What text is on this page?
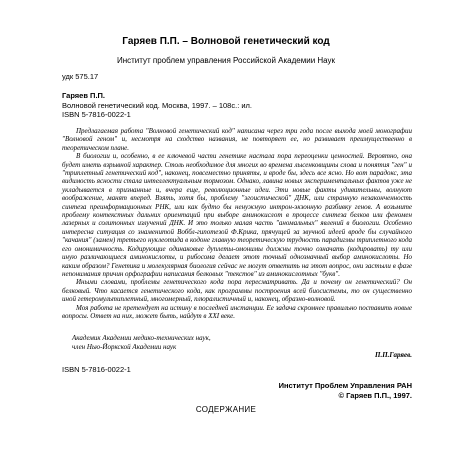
Гаряев П.П. – Волновой генетический код
Институт проблем управления Российской Академии Наук
удк 575.17
Гаряев П.П.
Волновой генетический код. Москва, 1997. – 108с.: ил.
ISBN 5-7816-0022-1

Предлагаемая работа "Волновой генетический код" написана через три года после выхода моей монографии "Волновой геном" и, несмотря на сходство названия, не повторяет ее, но развивает преимущественно в теоретическом плане.

В биологии и, особенно, в ее ключевой части генетике настала пора переоценки ценностей. Вероятно, она будет иметь взрывной характер. Столь необходимое для многих во времена лысенковщины слова и понятия "ген" и "триплетный генетический код", наконец, повсеместно приняты, и вроде бы, здесь все ясно. Но вот парадокс, эта видимость ясности стала интеллектуальным тормозом. Однако, лавина новых экспериментальных фактов уже не укладывается в признанные и, вчера еще, революционные идеи. Эти новые факты удивительны, волнуют воображение, манят вперед. Взять, хотя бы, проблему "эгоистической" ДНК, или странную незаконченность синтеза преинформационных РНК, или как будто бы ненужную интрон-экзонную разбивку генов. А возьмите проблему контекстных дальних ориентаций при выборе аминокислот в процессе синтеза белков или феномен лазерных и солитонных излучений ДНК. И это только малая часть "аномальных" явлений в биологии. Особенно интересна ситуация со знаменитой Воббл-гипотезой Ф.Крика, прячущей за звучной идеей вроде бы случайного "качания" (замен) третьего нуклеотида в кодоне главную теоретическую трудность парадигмы триплетного кода его омонимичность. Кодирующие одинаковые дуплеты-омонимы должны точно означать (кодировать) ту или иную различающиеся аминокислоты, и рибосома делает этот точный однозначный выбор аминокислоты. Но каким образом? Генетика и молекулярная биология сейчас не могут ответить на этот вопрос, они застыли в фазе непонимания причин орфографии написания белковых "текстов" из аминокислотных "букв".

Иными словами, проблемы генетического кода пора пересматривать. Да и почему он генетический? Он белковый. Что касается генетического кода, как программы построения всей биосистемы, то он существенно иной гетеромультиплетный, многомерный, плюралистичный и, наконец, образно-волновой.

Моя работа не претендует на истину в последней инстанции. Ее задача скромнее правильно поставить новые вопросы. Ответ на них, может быть, найдут в XXI веке.

Академик Академии медико-технических наук,
член Нью-Йоркской Академии наук
П.П.Гаряев.
ISBN 5-7816-0022-1
Институт Проблем Управления РАН
© Гаряев П.П., 1997.
СОДЕРЖАНИЕ
